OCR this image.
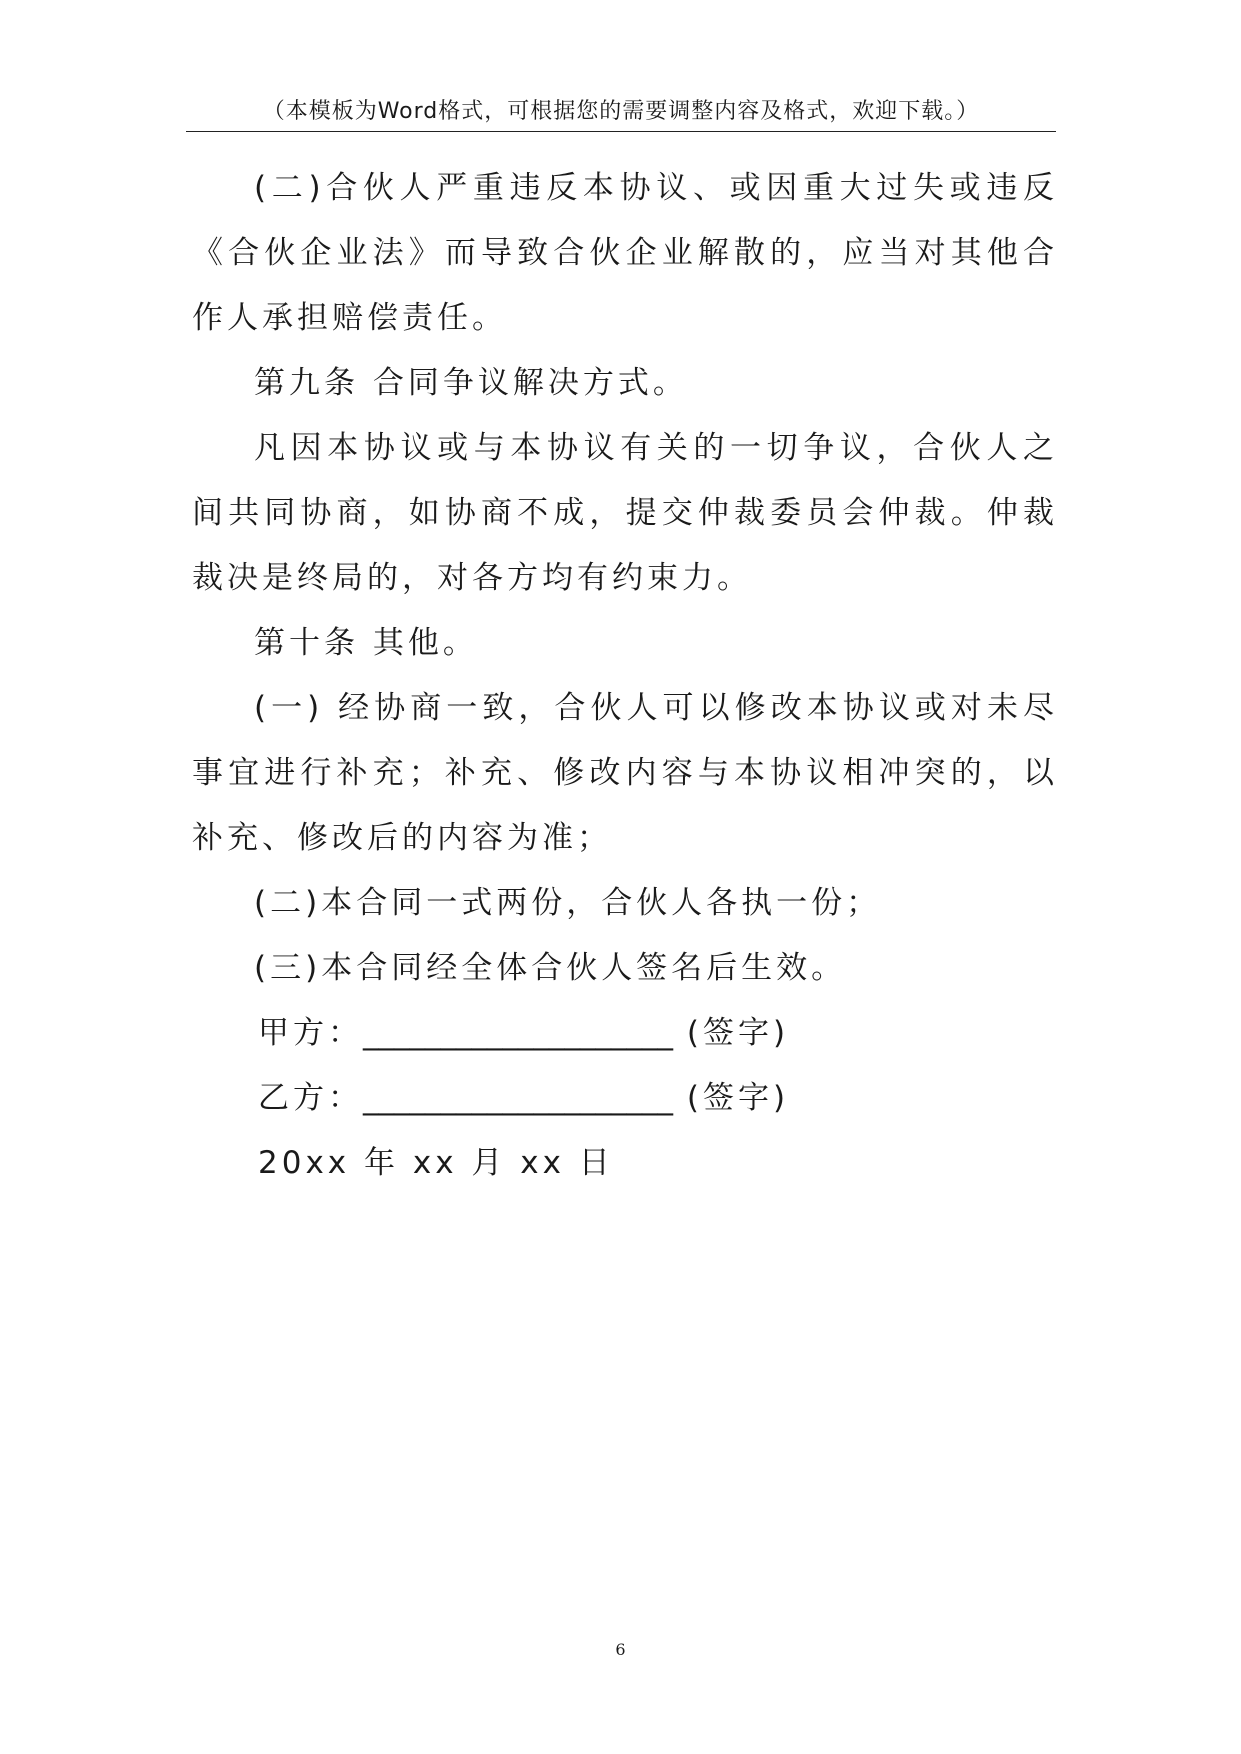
（本模板为Word格式，可根据您的需要调整内容及格式，欢迎下载。）

(二)合伙人严重违反本协议、或因重大过失或违反《合伙企业法》而导致合伙企业解散的，应当对其他合作人承担赔偿责任。

第九条 合同争议解决方式。

凡因本协议或与本协议有关的一切争议，合伙人之间共同协商，如协商不成，提交仲裁委员会仲裁。仲裁裁决是终局的，对各方均有约束力。

第十条 其他。

(一) 经协商一致，合伙人可以修改本协议或对未尽事宜进行补充；补充、修改内容与本协议相冲突的，以补充、修改后的内容为准；

(二)本合同一式两份，合伙人各执一份；

(三)本合同经全体合伙人签名后生效。

甲方：____________________ (签字)

乙方：____________________ (签字)

20xx 年 xx 月 xx 日

6
